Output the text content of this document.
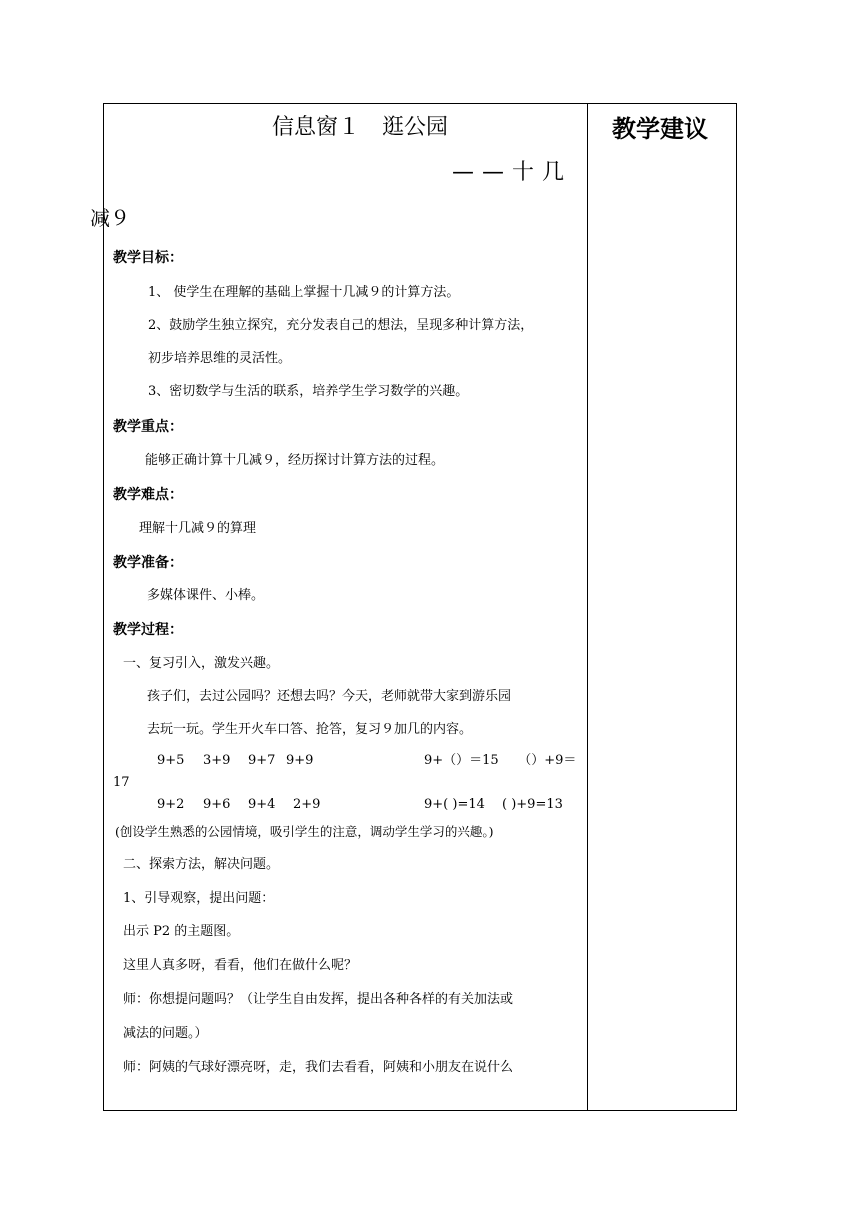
信息窗１　逛公园
——十几
减９
教学建议
教学目标：
1、 使学生在理解的基础上掌握十几减９的计算方法。
2、鼓励学生独立探究，充分发表自己的想法，呈现多种计算方法，
初步培养思维的灵活性。
3、密切数学与生活的联系，培养学生学习数学的兴趣。
教学重点：
能够正确计算十几减９，经历探讨计算方法的过程。
教学难点：
理解十几减９的算理
教学准备：
多媒体课件、小棒。
教学过程：
一、复习引入，激发兴趣。
孩子们，去过公园吗？还想去吗？今天，老师就带大家到游乐园
去玩一玩。学生开火车口答、抢答，复习９加几的内容。
9+5 3+9 9+7 9+9	9+（）＝15　　（）+9＝
17
9+2 9+6 9+4 2+9	9+( )=14　 ( )+9=13
(创设学生熟悉的公园情境，吸引学生的注意，调动学生学习的兴趣。)
二、探索方法，解决问题。
1、引导观察，提出问题：
出示 P2 的主题图。
这里人真多呀，看看，他们在做什么呢？
师：你想提问题吗？（让学生自由发挥，提出各种各样的有关加法或
减法的问题。）
师：阿姨的气球好漂亮呀，走，我们去看看，阿姨和小朋友在说什么
